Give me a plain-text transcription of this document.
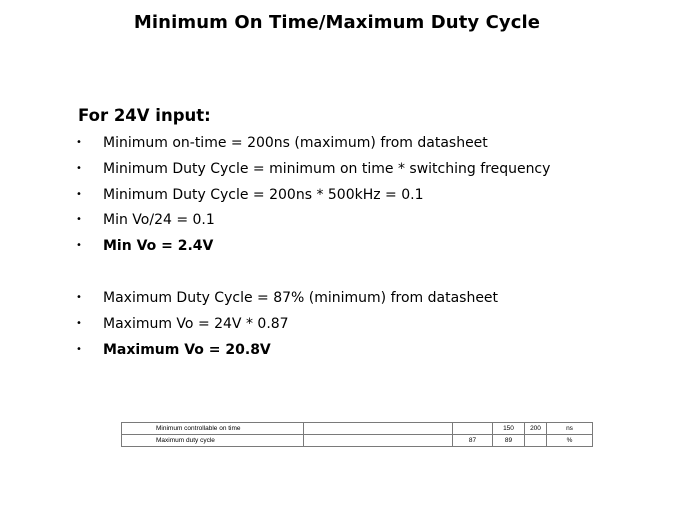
Minimum On Time/Maximum Duty Cycle
For 24V input:
• Minimum on-time = 200ns (maximum) from datasheet
• Minimum Duty Cycle = minimum on time * switching frequency
• Minimum Duty Cycle = 200ns * 500kHz = 0.1
• Min Vo/24 = 0.1
• Min Vo = 2.4V
• Maximum Duty Cycle = 87% (minimum) from datasheet
• Maximum Vo = 24V * 0.87
• Maximum Vo = 20.8V
Minimum controllable on time			150	200	ns
Maximum duty cycle		87	89		%
